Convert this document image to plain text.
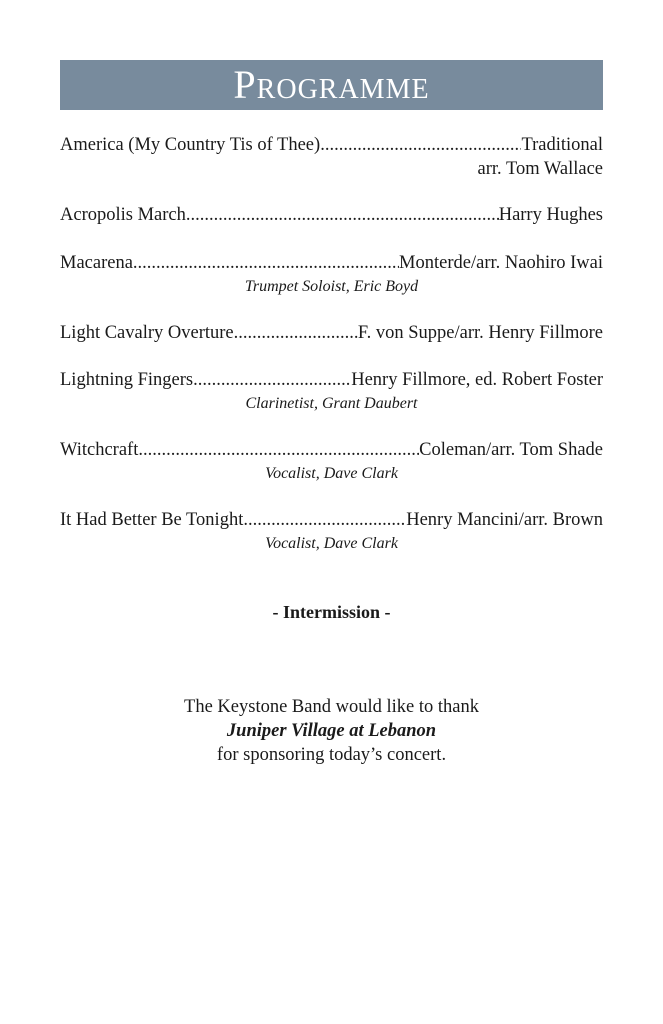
Programme
America (My Country Tis of Thee) .....	Traditional
arr. Tom Wallace
Acropolis March .....	Harry Hughes
Macarena .....	Monterde/arr. Naohiro Iwai
Trumpet Soloist, Eric Boyd
Light Cavalry Overture .....	F. von Suppe/arr. Henry Fillmore
Lightning Fingers .....	Henry Fillmore, ed. Robert Foster
Clarinetist, Grant Daubert
Witchcraft .....	Coleman/arr. Tom Shade
Vocalist, Dave Clark
It Had Better Be Tonight .....	Henry Mancini/arr. Brown
Vocalist, Dave Clark
- Intermission -
The Keystone Band would like to thank
Juniper Village at Lebanon
for sponsoring today’s concert.
